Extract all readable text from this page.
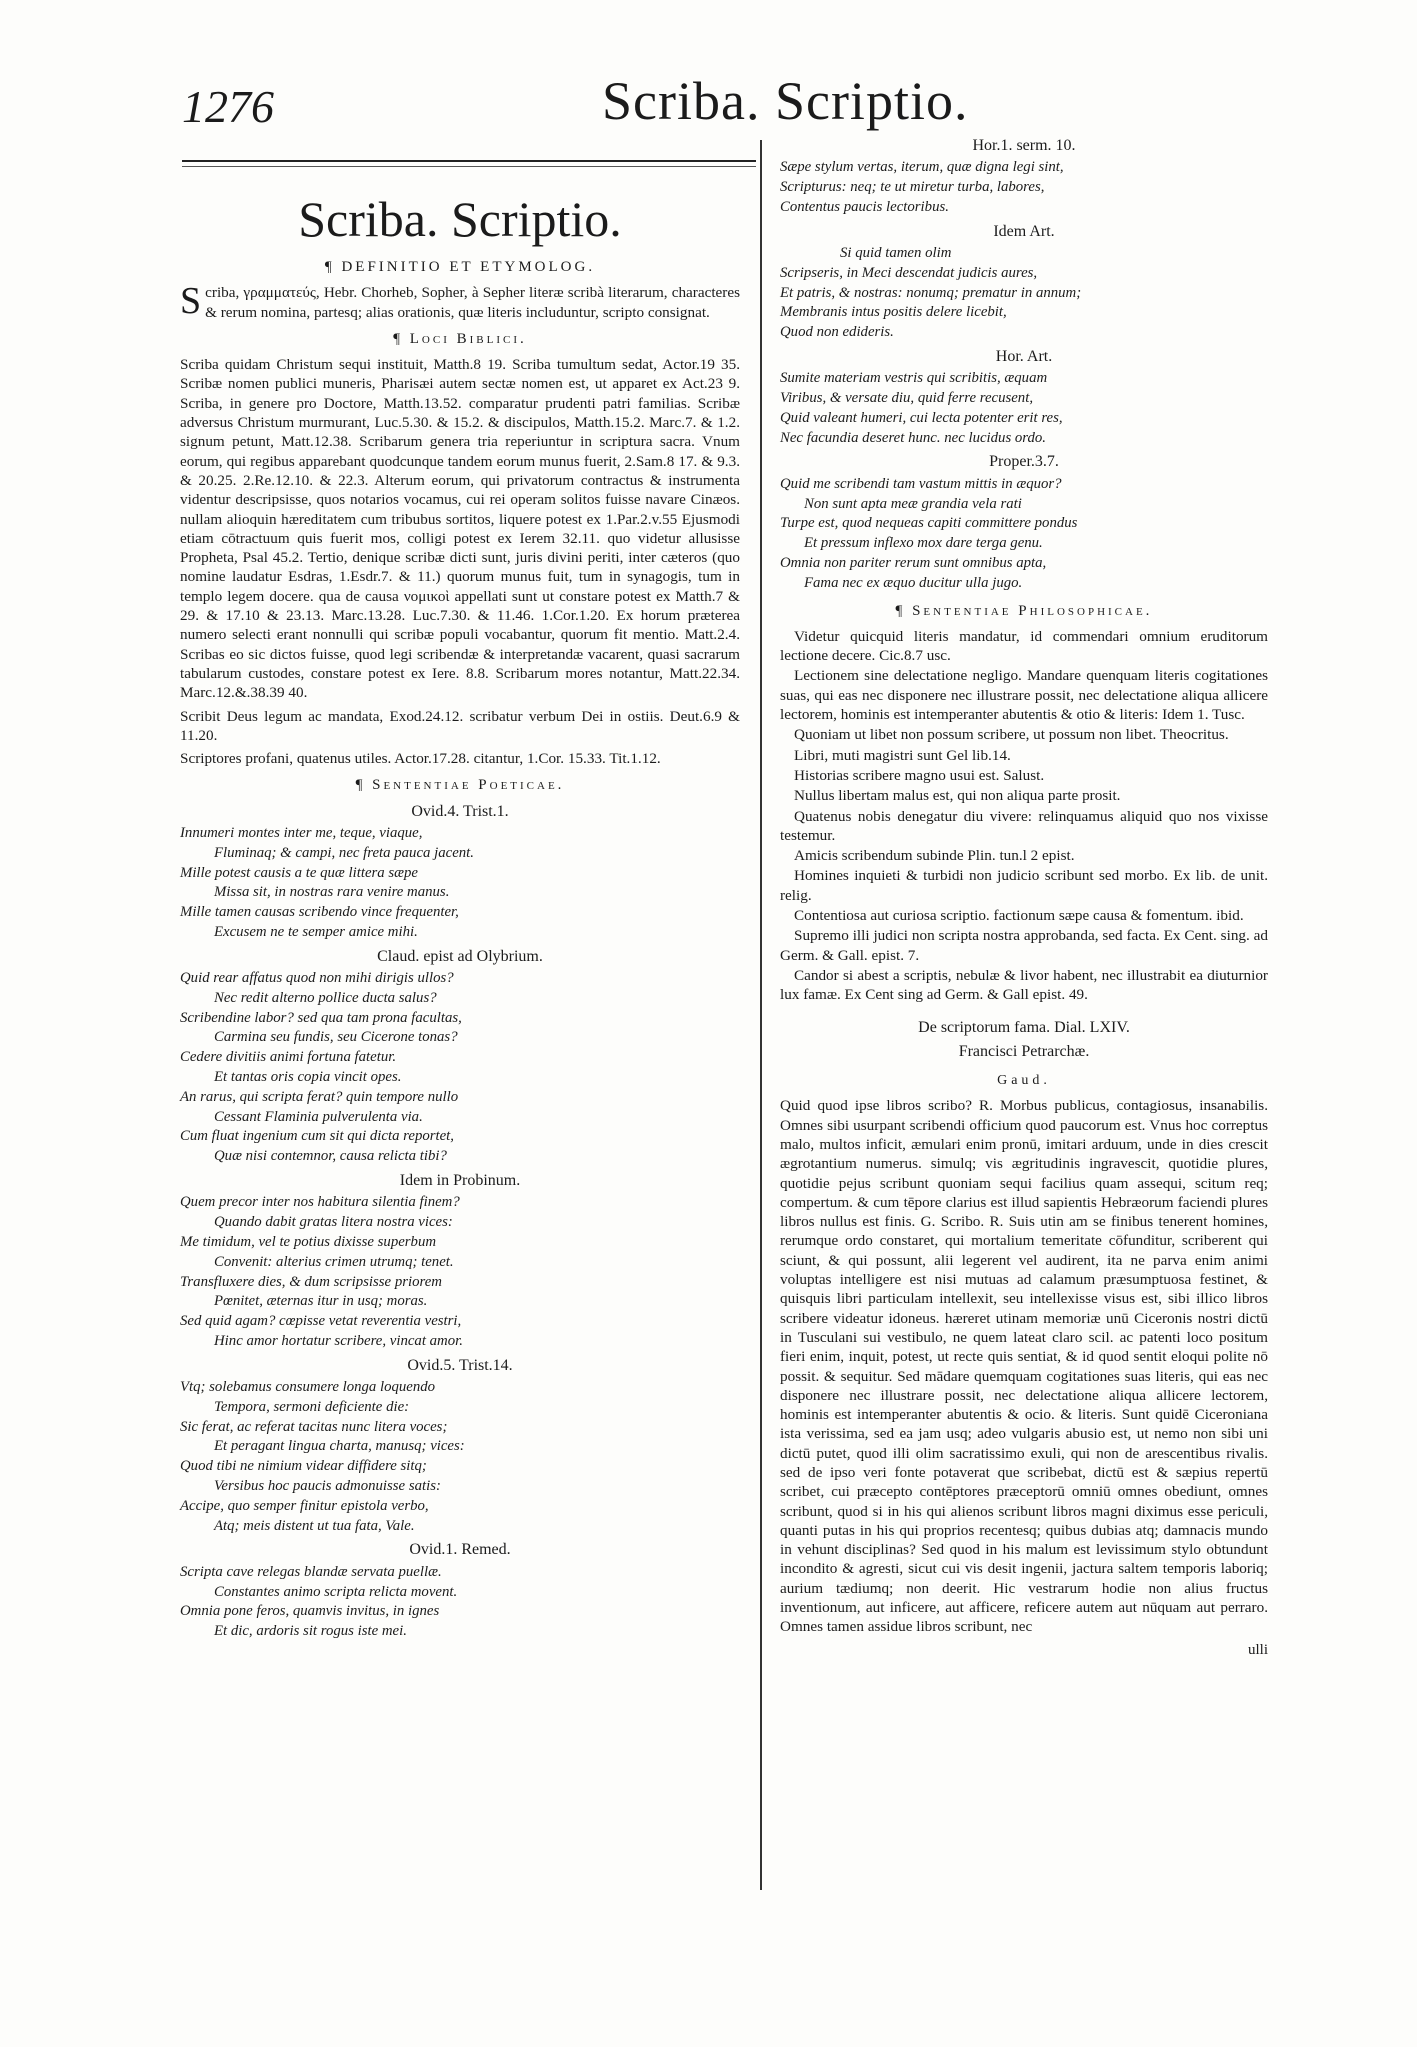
1276	Scriba. Scriptio.
Scriba. Scriptio.
¶ DEFINITIO ET ETYMOLOG.

Scriba, γραμματεύς, Hebr. Chorheb, Sopher, à Sepher literæ scribà literarum, characteres & rerum nomina, partesq; alias orationis, quæ literis includuntur, scripto consignat.

¶ Loci Biblici.

Scriba quidam Christum sequi instituit, Matth.8 19. Scriba tumultum sedat, Actor.19 35. Scribæ nomen publici muneris, Pharisæi autem sectæ nomen est, ut apparet ex Act.23 9. Scriba, in genere pro Doctore, Matth.13.52. comparatur prudenti patri familias. Scribæ adversus Christum murmurant, Luc.5.30. & 15.2. & discipulos, Matth.15.2. Marc.7. & 1.2. signum petunt, Matt.12.38. Scribarum genera tria reperiuntur in scriptura sacra. Vnum eorum, qui regibus apparebant quodcunque tandem eorum munus fuerit, 2.Sam.8 17. & 9.3. & 20.25. 2.Re.12.10. & 22.3. Alterum eorum, qui privatorum contractus & instrumenta videntur descripsisse, quos notarios vocamus, cui rei operam solitos fuisse navare Cinæos. nullam alioquin hæreditatem cum tribubus sortitos, liquere potest ex 1.Par.2.v.55 Ejusmodi etiam cōtractuum quis fuerit mos, colligi potest ex Ierem 32.11. quo videtur allusisse Propheta, Psal 45.2. Tertio, denique scribæ dicti sunt, juris divini periti, inter cæteros (quo nomine laudatur Esdras, 1.Esdr.7. & 11.) quorum munus fuit, tum in synagogis, tum in templo legem docere. qua de causa νομικοὶ appellati sunt ut constare potest ex Matth.7 & 29. & 17.10 & 23.13. Marc.13.28. Luc.7.30. & 11.46. 1.Cor.1.20. Ex horum præterea numero selecti erant nonnulli qui scribæ populi vocabantur, quorum fit mentio. Matt.2.4. Scribas eo sic dictos fuisse, quod legi scribendæ & interpretandæ vacarent, quasi sacrarum tabularum custodes, constare potest ex Iere. 8.8. Scribarum mores notantur, Matt.22.34. Marc.12.&.38.39 40.

Scribit Deus legum ac mandata, Exod.24.12. scribatur verbum Dei in ostiis. Deut.6.9 & 11.20.

Scriptores profani, quatenus utiles. Actor.17.28. citantur, 1.Cor. 15.33. Tit.1.12.

¶ Sententiae Poeticae.
Ovid.4. Trist.1.
Innumeri montes inter me, teque, viaque,
Fluminaq; & campi, nec freta pauca jacent.
Mille potest causis a te quæ littera sæpe
Missa sit, in nostras rara venire manus.
Mille tamen causas scribendo vince frequenter,
Excusem ne te semper amice mihi.
Claud. epist ad Olybrium.
Quid rear affatus quod non mihi dirigis ullos?
Nec redit alterno pollice ducta salus?
Scribendine labor? sed qua tam prona facultas,
Carmina seu fundis, seu Cicerone tonas?
Cedere divitiis animi fortuna fatetur.
Et tantas oris copia vincit opes.
An rarus, qui scripta ferat? quin tempore nullo
Cessant Flaminia pulverulenta via.
Cum fluat ingenium cum sit qui dicta reportet,
Quæ nisi contemnor, causa relicta tibi?
Idem in Probinum.
Quem precor inter nos habitura silentia finem?
Quando dabit gratas litera nostra vices:
Me timidum, vel te potius dixisse superbum
Convenit: alterius crimen utrumq; tenet.
Transfluxere dies, & dum scripsisse priorem
Pœnitet, æternas itur in usq; moras.
Sed quid agam? cœpisse vetat reverentia vestri,
Hinc amor hortatur scribere, vincat amor.
Ovid.5. Trist.14.
Vtq; solebamus consumere longa loquendo
Tempora, sermoni deficiente die:
Sic ferat, ac referat tacitas nunc litera voces;
Et peragant lingua charta, manusq; vices:
Quod tibi ne nimium videar diffidere sitq;
Versibus hoc paucis admonuisse satis:
Accipe, quo semper finitur epistola verbo,
Atq; meis distent ut tua fata, Vale.
Ovid.1. Remed.
Scripta cave relegas blandæ servata puellæ.
Constantes animo scripta relicta movent.
Omnia pone feros, quamvis invitus, in ignes
Et dic, ardoris sit rogus iste mei.
Hor.1. serm. 10.
Sæpe stylum vertas, iterum, quæ digna legi sint,
Scripturus: neq; te ut miretur turba, labores,
Contentus paucis lectoribus.
Idem Art.
Si quid tamen olim
Scripseris, in Meci descendat judicis aures,
Et patris, & nostras: nonumq; prematur in annum;
Membranis intus positis delere licebit,
Quod non edideris.
Hor. Art.
Sumite materiam vestris qui scribitis, æquam
Viribus, & versate diu, quid ferre recusent,
Quid valeant humeri, cui lecta potenter erit res,
Nec facundia deseret hunc. nec lucidus ordo.
Proper.3.7.
Quid me scribendi tam vastum mittis in æquor?
Non sunt apta meæ grandia vela rati
Turpe est, quod nequeas capiti committere pondus
Et pressum inflexo mox dare terga genu.
Omnia non pariter rerum sunt omnibus apta,
Fama nec ex æquo ducitur ulla jugo.
¶ Sententiae Philosophicae.

Videtur quicquid literis mandatur, id commendari omnium eruditorum lectione decere. Cic.8.7 usc.

Lectionem sine delectatione negligo. Mandare quenquam literis cogitationes suas, qui eas nec disponere nec illustrare possit, nec delectatione aliqua allicere lectorem, hominis est intemperanter abutentis & otio & literis: Idem 1. Tusc.

Quoniam ut libet non possum scribere, ut possum non libet. Theocritus.

Libri, muti magistri sunt Gel lib.14.

Historias scribere magno usui est. Salust.

Nullus libertam malus est, qui non aliqua parte prosit.

Quatenus nobis denegatur diu vivere: relinquamus aliquid quo nos vixisse testemur.

Amicis scribendum subinde Plin. tun.l 2 epist.

Homines inquieti & turbidi non judicio scribunt sed morbo. Ex lib. de unit. relig.

Contentiosa aut curiosa scriptio. factionum sæpe causa & fomentum. ibid.

Supremo illi judici non scripta nostra approbanda, sed facta. Ex Cent. sing. ad Germ. & Gall. epist. 7.

Candor si abest a scriptis, nebulæ & livor habent, nec illustrabit ea diuturnior lux famæ. Ex Cent sing ad Germ. & Gall epist. 49.

De scriptorum fama. Dial. LXIV.
Francisci Petrarchæ.
Gaud.

Quid quod ipse libros scribo? R. Morbus publicus, contagiosus, insanabilis. Omnes sibi usurpant scribendi officium quod paucorum est. Vnus hoc correptus malo, multos inficit, æmulari enim pronū, imitari arduum, unde in dies crescit ægrotantium numerus. simulq; vis ægritudinis ingravescit, quotidie plures, quotidie pejus scribunt quoniam sequi facilius quam assequi, scitum req; compertum. & cum tēpore clarius est illud sapientis Hebræorum faciendi plures libros nullus est finis. G. Scribo. R. Suis utin am se finibus tenerent homines, rerumque ordo constaret, qui mortalium temeritate cōfunditur, scriberent qui sciunt, & qui possunt, alii legerent vel audirent, ita ne parva enim animi voluptas intelligere est nisi mutuas ad calamum præsumptuosa festinet, & quisquis libri particulam intellexit, seu intellexisse visus est, sibi illico libros scribere videatur idoneus. hæreret utinam memoriæ unū Ciceronis nostri dictū in Tusculani sui vestibulo, ne quem lateat claro scil. ac patenti loco positum fieri enim, inquit, potest, ut recte quis sentiat, & id quod sentit eloqui polite nō possit. & sequitur. Sed mādare quemquam cogitationes suas literis, qui eas nec disponere nec illustrare possit, nec delectatione aliqua allicere lectorem, hominis est intemperanter abutentis & ocio. & literis. Sunt quidē Ciceroniana ista verissima, sed ea jam usq; adeo vulgaris abusio est, ut nemo non sibi uni dictū putet, quod illi olim sacratissimo exuli, qui non de arescentibus rivalis. sed de ipso veri fonte potaverat que scribebat, dictū est & sæpius repertū scribet, cui præcepto contēptores præceptorū omniū omnes obediunt, omnes scribunt, quod si in his qui alienos scribunt libros magni diximus esse periculi, quanti putas in his qui proprios recentesq; quibus dubias atq; damnacis mundo in vehunt disciplinas? Sed quod in his malum est levissimum stylo obtundunt incondito & agresti, sicut cui vis desit ingenii, jactura saltem temporis laboriq; aurium tædiumq; non deerit. Hic vestrarum hodie non alius fructus inventionum, aut inficere, aut afficere, reficere autem aut nūquam aut perraro. Omnes tamen assidue libros scribunt, nec

ulli
